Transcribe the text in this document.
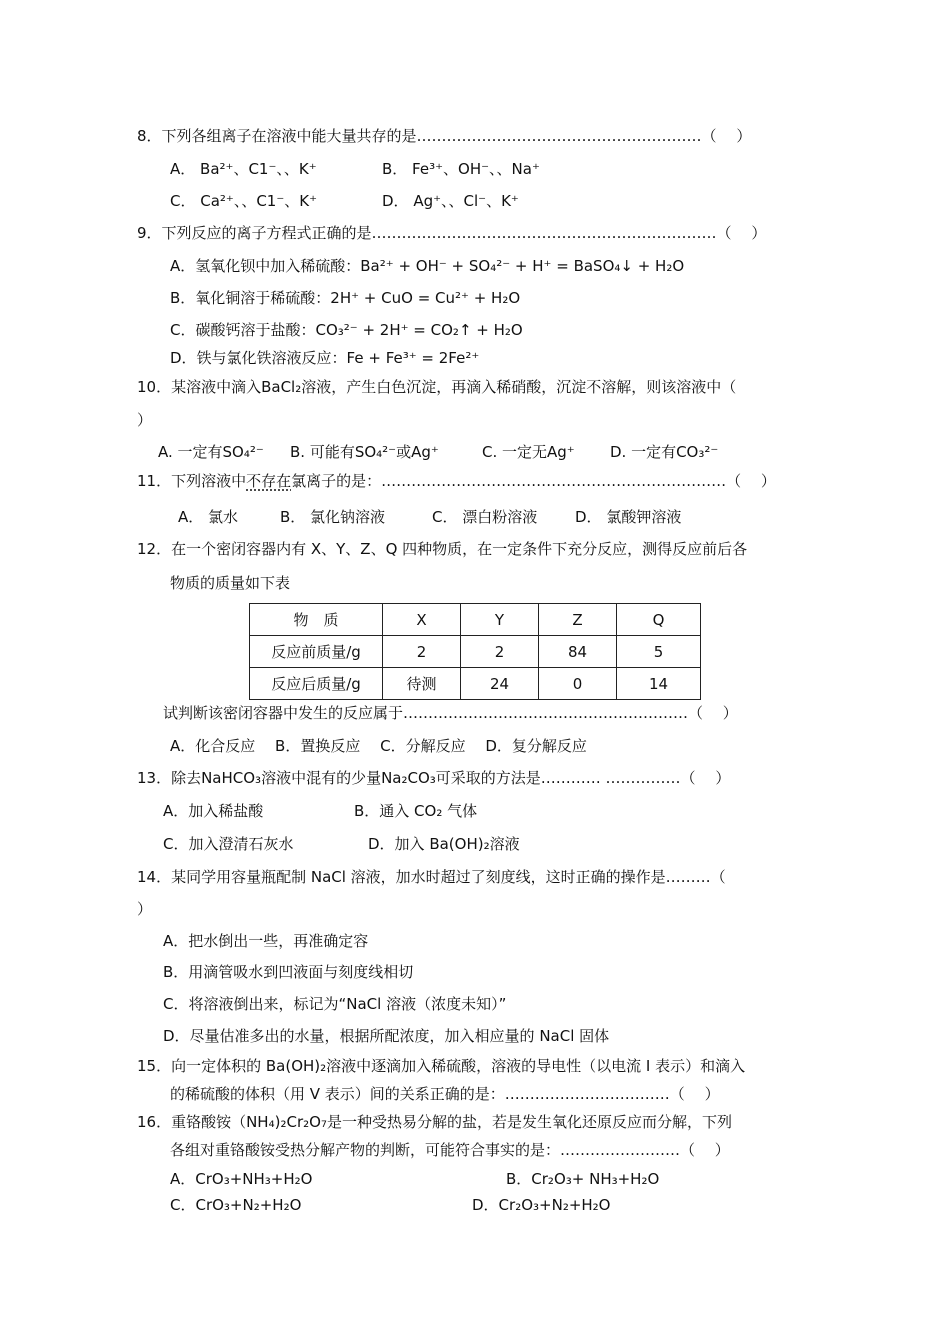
8．下列各组离子在溶液中能大量共存的是…………………………………………………（　 ）
A． Ba²⁺、C1⁻、、K⁺	B． Fe³⁺、OH⁻、、Na⁺
C． Ca²⁺、、C1⁻、K⁺	D． Ag⁺、、Cl⁻、K⁺
9．下列反应的离子方程式正确的是……………………………………………………………（　 ）
A．氢氧化钡中加入稀硫酸：Ba²⁺ + OH⁻ + SO₄²⁻ + H⁺ = BaSO₄↓ + H₂O
B．氧化铜溶于稀硫酸：2H⁺ + CuO = Cu²⁺ + H₂O
C．碳酸钙溶于盐酸：CO₃²⁻ + 2H⁺ = CO₂↑ + H₂O
D．铁与氯化铁溶液反应：Fe + Fe³⁺ = 2Fe²⁺
10．某溶液中滴入BaCl₂溶液，产生白色沉淀，再滴入稀硝酸，沉淀不溶解，则该溶液中（
）
A. 一定有SO₄²⁻ B. 可能有SO₄²⁻或Ag⁺	C. 一定无Ag⁺ D. 一定有CO₃²⁻
11．下列溶液中不存在氯离子的是：……………………………………………………………（　 ）
A． 氯水	B． 氯化钠溶液	C． 漂白粉溶液	D． 氯酸钾溶液
12．在一个密闭容器内有 X、Y、Z、Q 四种物质，在一定条件下充分反应，测得反应前后各
物质的质量如下表
物　质	X	Y	Z	Q
反应前质量/g	2	2	84	5
反应后质量/g	待测	24	0	14
试判断该密闭容器中发生的反应属于…………………………………………………（　 ）
A．化合反应　 B．置换反应　 C．分解反应　 D．复分解反应
13．除去NaHCO₃溶液中混有的少量Na₂CO₃可采取的方法是………… ……………（　 ）
A．加入稀盐酸	B．通入 CO₂ 气体
C．加入澄清石灰水	D．加入 Ba(OH)₂溶液
14．某同学用容量瓶配制 NaCl 溶液，加水时超过了刻度线，这时正确的操作是………（
）
A．把水倒出一些，再准确定容
B．用滴管吸水到凹液面与刻度线相切
C．将溶液倒出来，标记为“NaCl 溶液（浓度未知）”
D．尽量估准多出的水量，根据所配浓度，加入相应量的 NaCl 固体
15．向一定体积的 Ba(OH)₂溶液中逐滴加入稀硫酸，溶液的导电性（以电流 I 表示）和滴入
的稀硫酸的体积（用 V 表示）间的关系正确的是：……………………………（　 ）
16．重铬酸铵（NH₄)₂Cr₂O₇是一种受热易分解的盐，若是发生氧化还原反应而分解，下列
各组对重铬酸铵受热分解产物的判断，可能符合事实的是：……………………（　 ）
A．CrO₃+NH₃+H₂O	B．Cr₂O₃+ NH₃+H₂O
C．CrO₃+N₂+H₂O	D．Cr₂O₃+N₂+H₂O
